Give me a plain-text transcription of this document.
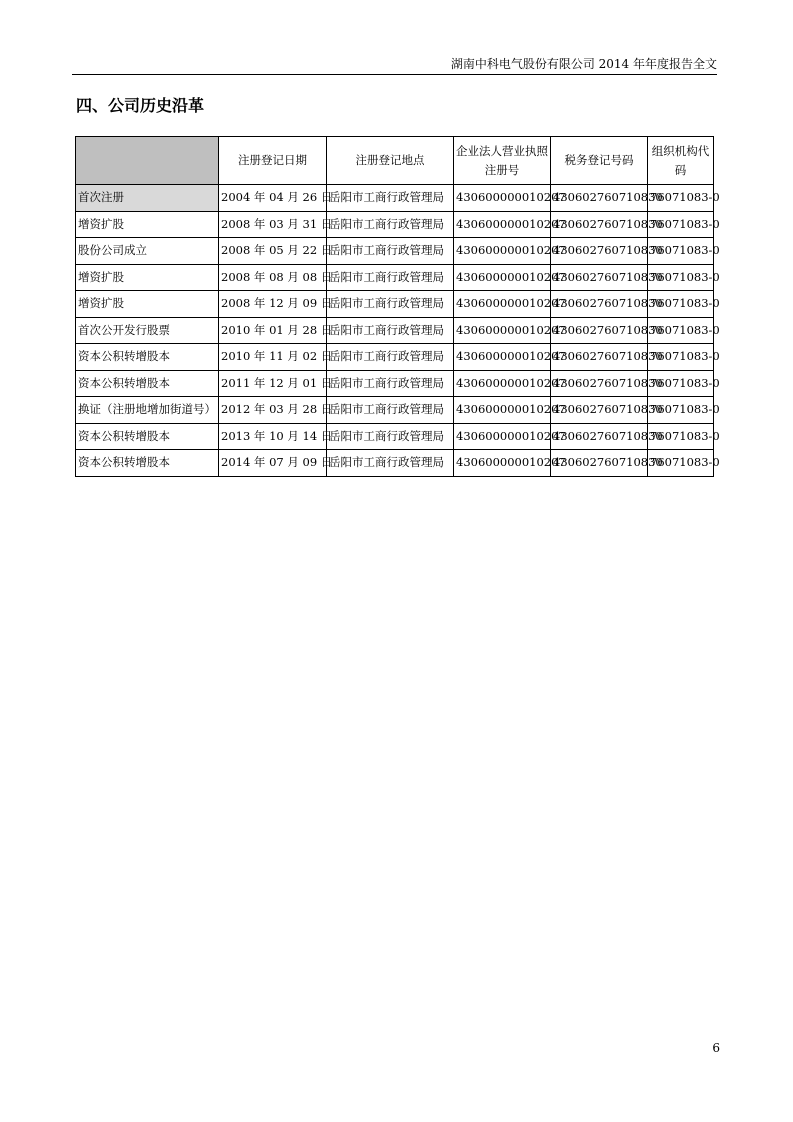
湖南中科电气股份有限公司 2014 年年度报告全文
四、公司历史沿革
	注册登记日期	注册登记地点	企业法人营业执照注册号	税务登记号码	组织机构代码
首次注册	2004 年 04 月 26 日	岳阳市工商行政管理局	430600000010207	430602760710830	76071083-0
增资扩股	2008 年 03 月 31 日	岳阳市工商行政管理局	430600000010207	430602760710830	76071083-0
股份公司成立	2008 年 05 月 22 日	岳阳市工商行政管理局	430600000010207	430602760710830	76071083-0
增资扩股	2008 年 08 月 08 日	岳阳市工商行政管理局	430600000010207	430602760710830	76071083-0
增资扩股	2008 年 12 月 09 日	岳阳市工商行政管理局	430600000010207	430602760710830	76071083-0
首次公开发行股票	2010 年 01 月 28 日	岳阳市工商行政管理局	430600000010207	430602760710830	76071083-0
资本公积转增股本	2010 年 11 月 02 日	岳阳市工商行政管理局	430600000010207	430602760710830	76071083-0
资本公积转增股本	2011 年 12 月 01 日	岳阳市工商行政管理局	430600000010207	430602760710830	76071083-0
换证（注册地增加街道号）	2012 年 03 月 28 日	岳阳市工商行政管理局	430600000010207	430602760710830	76071083-0
资本公积转增股本	2013 年 10 月 14 日	岳阳市工商行政管理局	430600000010207	430602760710830	76071083-0
资本公积转增股本	2014 年 07 月 09 日	岳阳市工商行政管理局	430600000010207	430602760710830	76071083-0
6
